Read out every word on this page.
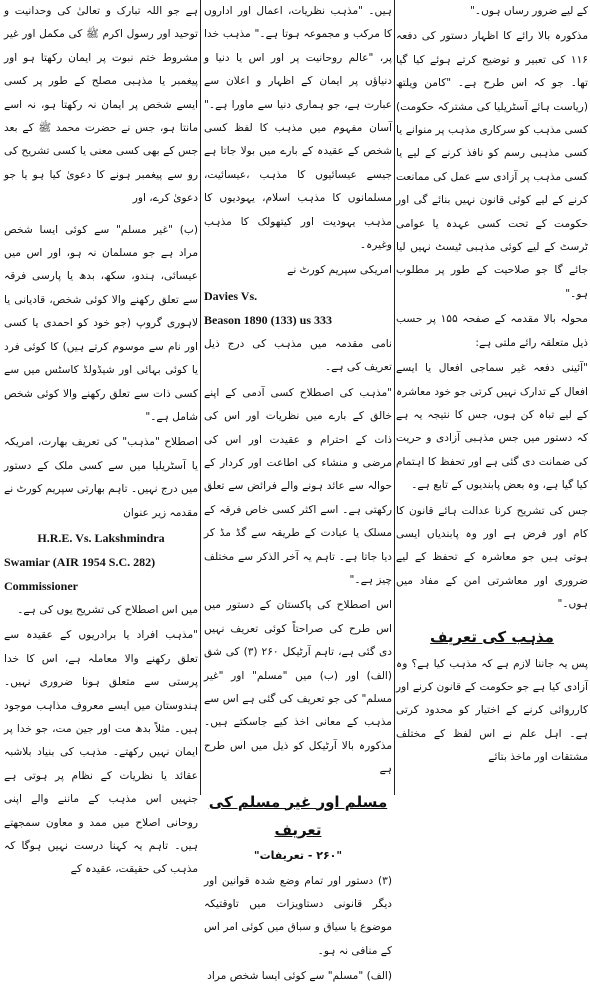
کے لیے ضرور رساں ہوں۔"

مذکورہ بالا رائے کا اظہار دستور کی دفعہ ۱۱۶ کی تعبیر و توضیح کرتے ہوئے کیا گیا تھا۔ جو کہ اس طرح ہے۔ "کامن ویلتھ (ریاست ہائے آسٹریلیا کی مشترکہ حکومت) کسی مذہب کو سرکاری مذہب پر منوانے یا کسی مذہبی رسم کو نافذ کرنے کے لیے یا کسی مذہب پر آزادی سے عمل کی ممانعت کرنے کے لیے کوئی قانون نہیں بنائے گی اور حکومت کے تحت کسی عہدہ یا عوامی ٹرسٹ کے لیے کوئی مذہبی ٹیسٹ نہیں لیا جائے گا جو صلاحیت کے طور پر مطلوب ہو۔"

محولہ بالا مقدمہ کے صفحہ ۱۵۵ پر حسب ذیل متعلقہ رائے ملتی ہے:

"آئینی دفعہ غیر سماجی افعال یا ایسے افعال کے تدارک نہیں کرتی جو خود معاشرہ کے لیے تباہ کن ہوں، جس کا نتیجہ یہ ہے کہ دستور میں جس مذہبی آزادی و حریت کی ضمانت دی گئی ہے اور تحفظ کا اہتمام کیا گیا ہے، وہ بعض پابندیوں کے تابع ہے۔

جس کی تشریح کرنا عدالت ہائے قانون کا کام اور فرض ہے اور وہ پابندیاں ایسی ہوتی ہیں جو معاشرہ کے تحفظ کے لیے ضروری اور معاشرتی امن کے مفاد میں ہوں۔"

مذہب کی تعریف

پس یہ جاننا لازم ہے کہ مذہب کیا ہے؟ وہ آزادی کیا ہے جو حکومت کے قانون کرنے اور کارروائی کرنے کے اختیار کو محدود کرتی ہے۔ اہل علم نے اس لفظ کے مختلف مشتقات اور ماخذ بتائے

ہیں۔ "مذہب نظریات، اعمال اور اداروں کا مرکب و مجموعہ ہوتا ہے۔" مذہب خدا پر، "عالم روحانیت پر اور اس یا دنیا و دنیاؤں پر ایمان کے اظہار و اعلان سے عبارت ہے، جو ہماری دنیا سے ماورا ہے۔" آسان مفہوم میں مذہب کا لفظ کسی شخص کے عقیدہ کے بارے میں بولا جاتا ہے جیسے عیسائیوں کا مذہب ،عیسائیت، مسلمانوں کا مذہب اسلام، یہودیوں کا مذہب یہودیت اور کیتھولک کا مذہب وغیرہ۔

امریکی سپریم کورٹ نے

Davies Vs.

Beason 1890 (133) us 333

نامی مقدمہ میں مذہب کی درج ذیل تعریف کی ہے۔

"مذہب کی اصطلاح کسی آدمی کے اپنے خالق کے بارے میں نظریات اور اس کی ذات کے احترام و عقیدت اور اس کی مرضی و منشاء کی اطاعت اور کردار کے حوالہ سے عائد ہونے والے فرائض سے تعلق رکھتی ہے۔ اسے اکثر کسی خاص فرقہ کے مسلک یا عبادت کے طریقہ سے گڈ مڈ کر دیا جاتا ہے۔ تاہم یہ آخر الذکر سے مختلف چیز ہے۔"

اس اصطلاح کی پاکستان کے دستور میں اس طرح کی صراحتاً کوئی تعریف نہیں دی گئی ہے، تاہم آرٹیکل ۲۶۰ (۳) کی شق (الف) اور (ب) میں "مسلم" اور "غیر مسلم" کی جو تعریف کی گئی ہے اس سے مذہب کے معانی اخذ کیے جاسکتے ہیں۔ مذکورہ بالا آرٹیکل کو ذیل میں اس طرح ہے

مسلم اور غیر مسلم کی تعریف
"۲۶۰ - تعریفات"

(۳) دستور اور تمام وضع شدہ قوانین اور دیگر قانونی دستاویزات میں تاوقتیکہ موضوع یا سیاق و سباق میں کوئی امر اس کے منافی نہ ہو۔

(الف) "مسلم" سے کوئی ایسا شخص مراد

ہے جو اللہ تبارک و تعالیٰ کی وحدانیت و توحید اور رسول اکرم ﷺ کی مکمل اور غیر مشروط ختم نبوت پر ایمان رکھتا ہو اور پیغمبر یا مذہبی مصلح کے طور پر کسی ایسے شخص پر ایمان نہ رکھتا ہو، نہ اسے مانتا ہو، جس نے حضرت محمد ﷺ کے بعد جس کے بھی کسی معنی یا کسی تشریح کی رو سے پیغمبر ہونے کا دعویٰ کیا ہو یا جو دعویٰ کرے، اور

(ب) "غیر مسلم" سے کوئی ایسا شخص مراد ہے جو مسلمان نہ ہو، اور اس میں عیسائی، ہندو، سکھ، بدھ یا پارسی فرقہ سے تعلق رکھنے والا کوئی شخص، قادیانی یا لاہوری گروپ (جو خود کو احمدی یا کسی اور نام سے موسوم کرتے ہیں) کا کوئی فرد یا کوئی بہائی اور شیڈولڈ کاسٹس میں سے کسی ذات سے تعلق رکھنے والا کوئی شخص شامل ہے۔"

اصطلاح "مذہب" کی تعریف بھارت، امریکہ یا آسٹریلیا میں سے کسی ملک کے دستور میں درج نہیں۔ تاہم بھارتی سپریم کورٹ نے مقدمہ زیر عنوان

H.R.E. Vs. Lakshmindra

Swamiar (AIR 1954 S.C. 282)

Commissioner

میں اس اصطلاح کی تشریح یوں کی ہے۔

"مذہب افراد یا برادریوں کے عقیدہ سے تعلق رکھنے والا معاملہ ہے، اس کا خدا پرستی سے متعلق ہونا ضروری نہیں۔ ہندوستان میں ایسے معروف مذاہب موجود ہیں۔ مثلاً بدھ مت اور جین مت، جو خدا پر ایمان نہیں رکھتے۔ مذہب کی بنیاد بلاشبہ عقائد یا نظریات کے نظام پر ہوتی ہے جنہیں اس مذہب کے ماننے والے اپنی روحانی اصلاح میں ممد و معاون سمجھتے ہیں۔ تاہم یہ کہنا درست نہیں ہوگا کہ مذہب کی حقیقت، عقیدہ کے
